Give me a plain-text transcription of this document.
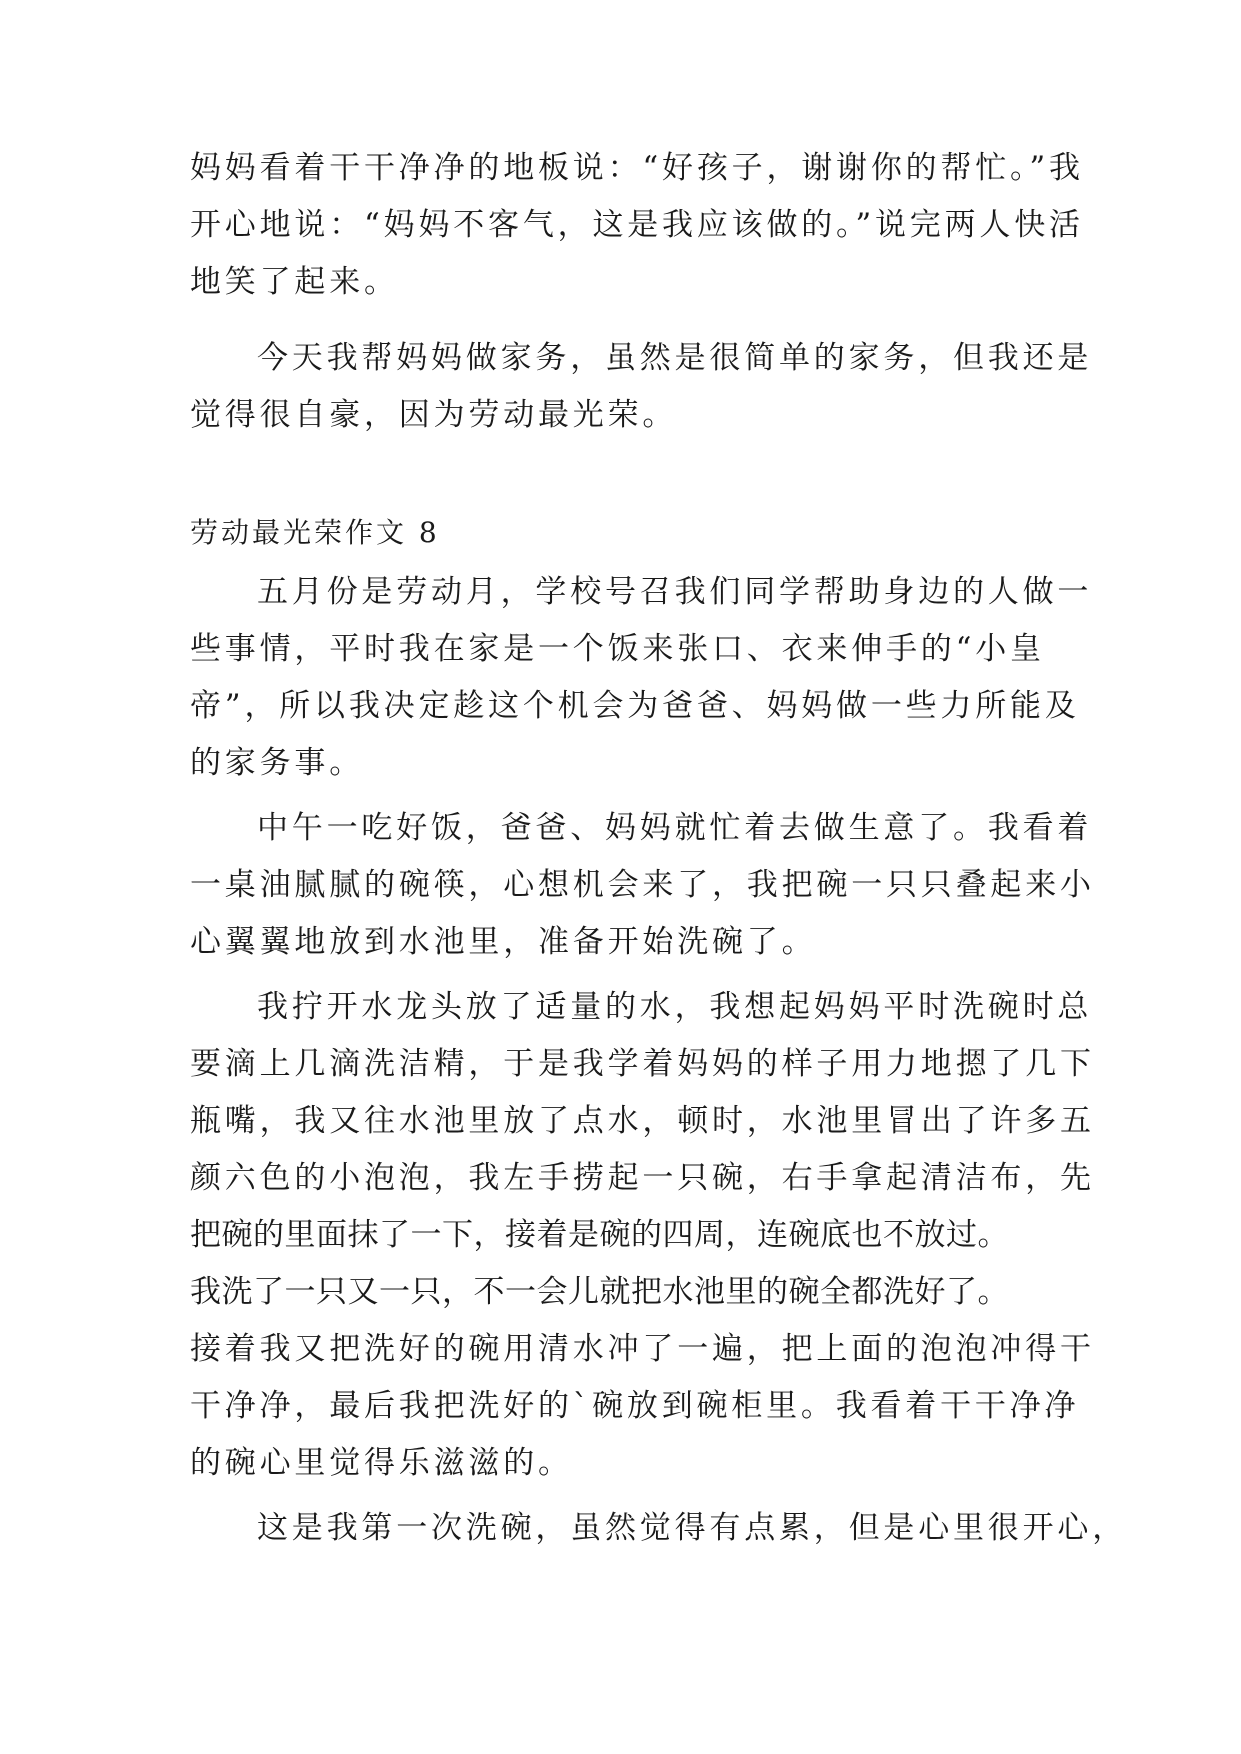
妈妈看着干干净净的地板说：“好孩子，谢谢你的帮忙。”我
开心地说：“妈妈不客气，这是我应该做的。”说完两人快活
地笑了起来。
今天我帮妈妈做家务，虽然是很简单的家务，但我还是
觉得很自豪，因为劳动最光荣。
劳动最光荣作文 8
五月份是劳动月，学校号召我们同学帮助身边的人做一
些事情，平时我在家是一个饭来张口、衣来伸手的“小皇
帝”，所以我决定趁这个机会为爸爸、妈妈做一些力所能及
的家务事。
中午一吃好饭，爸爸、妈妈就忙着去做生意了。我看着
一桌油腻腻的碗筷，心想机会来了，我把碗一只只叠起来小
心翼翼地放到水池里，准备开始洗碗了。
我拧开水龙头放了适量的水，我想起妈妈平时洗碗时总
要滴上几滴洗洁精，于是我学着妈妈的样子用力地摁了几下
瓶嘴，我又往水池里放了点水，顿时，水池里冒出了许多五
颜六色的小泡泡，我左手捞起一只碗，右手拿起清洁布，先
把碗的里面抹了一下，接着是碗的四周，连碗底也不放过。
我洗了一只又一只，不一会儿就把水池里的碗全都洗好了。
接着我又把洗好的碗用清水冲了一遍，把上面的泡泡冲得干
干净净，最后我把洗好的`碗放到碗柜里。我看着干干净净
的碗心里觉得乐滋滋的。
这是我第一次洗碗，虽然觉得有点累，但是心里很开心，
